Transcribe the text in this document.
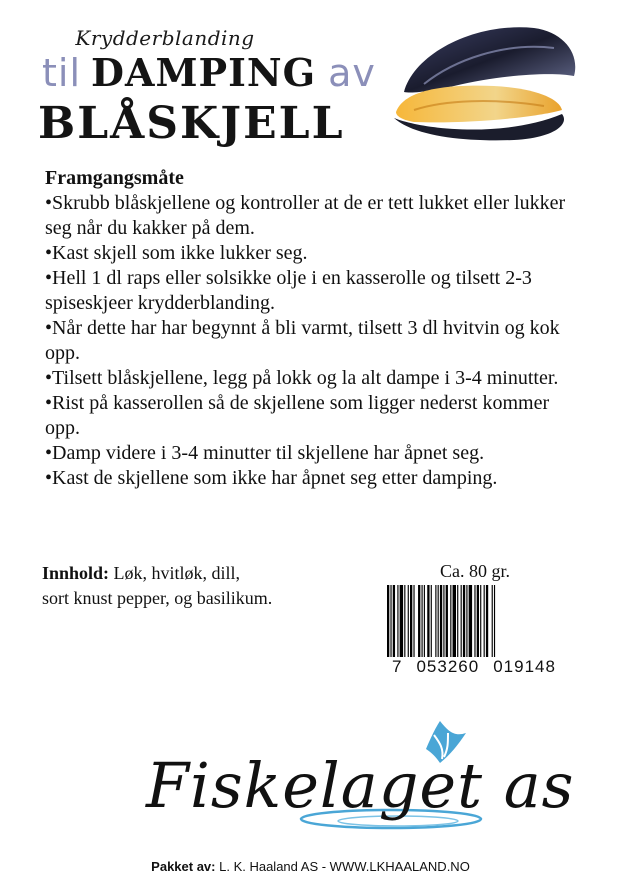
Krydderblanding
til DAMPING av
BLÅSKJELL
Framgangsmåte
•Skrubb blåskjellene og kontroller at de er tett lukket eller lukker seg når du kakker på dem.
•Kast skjell som ikke lukker seg.
•Hell 1 dl raps eller solsikke olje i en kasserolle og tilsett 2-3 spiseskjeer krydderblanding.
•Når dette har har begynnt å bli varmt, tilsett 3 dl hvitvin og kok opp.
•Tilsett blåskjellene, legg på lokk og la alt dampe i 3-4 minutter.
•Rist på kasserollen så de skjellene som ligger nederst kommer opp.
•Damp videre i 3-4 minutter til skjellene har åpnet seg.
•Kast de skjellene som ikke har åpnet seg etter damping.
Innhold: Løk, hvitløk, dill,
sort knust pepper, og basilikum.
Ca. 80 gr.
7 053260 019148
Fiskelaget as
Pakket av: L. K. Haaland AS - WWW.LKHAALAND.NO
